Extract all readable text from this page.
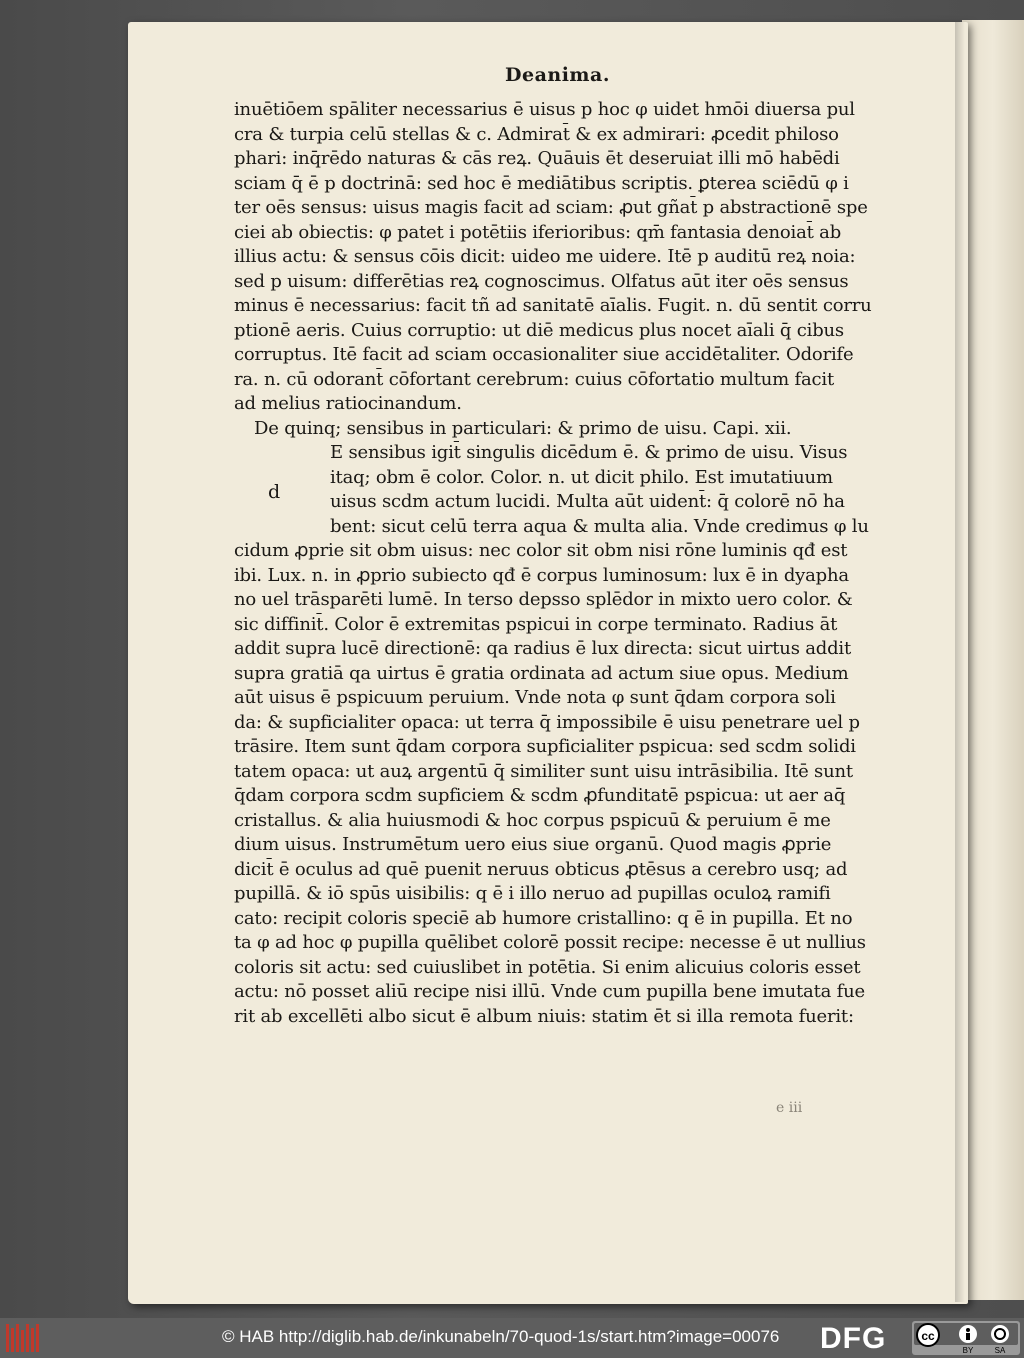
Deanima.
inuētiōem spāliter necessarius ē uisus p hoc φ uidet hmōi diuersa pul
cra & turpia celū stellas & c. Admirat̄ & ex admirari: ꝓcedit philoso
phari: inq̄rēdo naturas & cās reꝝ. Quāuis ēt deseruiat illi mō habēdi
sciam q̄ ē p doctrinā: sed hoc ē mediātibus scriptis. ꝑterea sciēdū φ i
ter oēs sensus: uisus magis facit ad sciam: ꝓut gñat̄ p abstractionē spe
ciei ab obiectis: φ patet i potētiis iferioribus: qm̄ fantasia denoiat̄ ab
illius actu: & sensus cōis dicit: uideo me uidere. Itē p auditū reꝝ noia:
sed p uisum: differētias reꝝ cognoscimus. Olfatus aūt iter oēs sensus
minus ē necessarius: facit tñ ad sanitatē aīalis. Fugit. n. dū sentit corru
ptionē aeris. Cuius corruptio: ut diē medicus plus nocet aīali q̄ cibus
corruptus. Itē facit ad sciam occasionaliter siue accidētaliter. Odorife
ra. n. cū odorant̄ cōfortant cerebrum: cuius cōfortatio multum facit
ad melius ratiocinandum.
De quinq; sensibus in particulari: & primo de uisu. Capi. xii.
E sensibus igit̄ singulis dicēdum ē. & primo de uisu. Visus
itaq; obm ē color. Color. n. ut dicit philo. Est imutatiuum
uisus scdm actum lucidi. Multa aūt uident̄: q̄ colorē nō ha
bent: sicut celū terra aqua & multa alia. Vnde credimus φ lu
cidum ꝓprie sit obm uisus: nec color sit obm nisi rōne luminis qđ est
ibi. Lux. n. in ꝓprio subiecto qđ ē corpus luminosum: lux ē in dyapha
no uel trāsparēti lumē. In terso depsso splēdor in mixto uero color. &
sic diffinit̄. Color ē extremitas pspicui in corpe terminato. Radius āt
addit supra lucē directionē: qa radius ē lux directa: sicut uirtus addit
supra gratiā qa uirtus ē gratia ordinata ad actum siue opus. Medium
aūt uisus ē pspicuum peruium. Vnde nota φ sunt q̄dam corpora soli
da: & supficialiter opaca: ut terra q̄ impossibile ē uisu penetrare uel p
trāsire. Item sunt q̄dam corpora supficialiter pspicua: sed scdm solidi
tatem opaca: ut auꝝ argentū q̄ similiter sunt uisu intrāsibilia. Itē sunt
q̄dam corpora scdm supficiem & scdm ꝓfunditatē pspicua: ut aer aq̄
cristallus. & alia huiusmodi & hoc corpus pspicuū & peruium ē me
dium uisus. Instrumētum uero eius siue organū. Quod magis ꝓprie
dicit̄ ē oculus ad quē puenit neruus obticus ꝓtēsus a cerebro usq; ad
pupillā. & iō spūs uisibilis: q ē i illo neruo ad pupillas oculoꝝ ramifi
cato: recipit coloris speciē ab humore cristallino: q ē in pupilla. Et no
ta φ ad hoc φ pupilla quēlibet colorē possit recipe: necesse ē ut nullius
coloris sit actu: sed cuiuslibet in potētia. Si enim alicuius coloris esset
actu: nō posset aliū recipe nisi illū. Vnde cum pupilla bene imutata fue
rit ab excellēti albo sicut ē album niuis: statim ēt si illa remota fuerit:
d
e iii
© HAB http://diglib.hab.de/inkunabeln/70-quod-1s/start.htm?image=00076 DFG	cc
BY	SA
